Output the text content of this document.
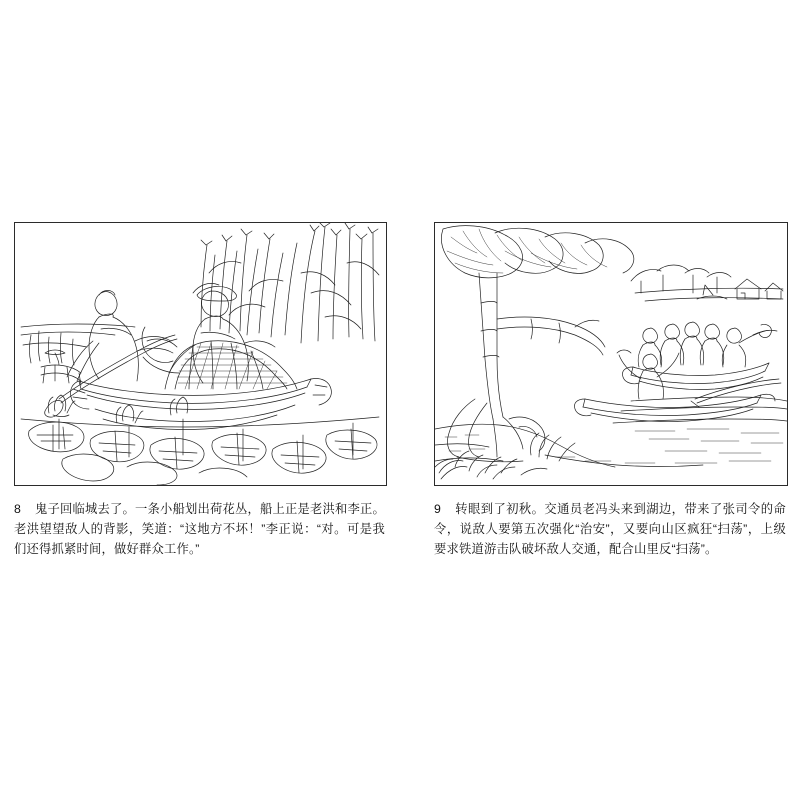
8 鬼子回临城去了。一条小船划出荷花丛，船上正是老洪和李正。老洪望望敌人的背影，笑道：“这地方不坏！”李正说：“对。可是我们还得抓紧时间，做好群众工作。”
9 转眼到了初秋。交通员老冯头来到湖边，带来了张司令的命令，说敌人要第五次强化“治安”，又要向山区疯狂“扫荡”，上级要求铁道游击队破坏敌人交通，配合山里反“扫荡”。
